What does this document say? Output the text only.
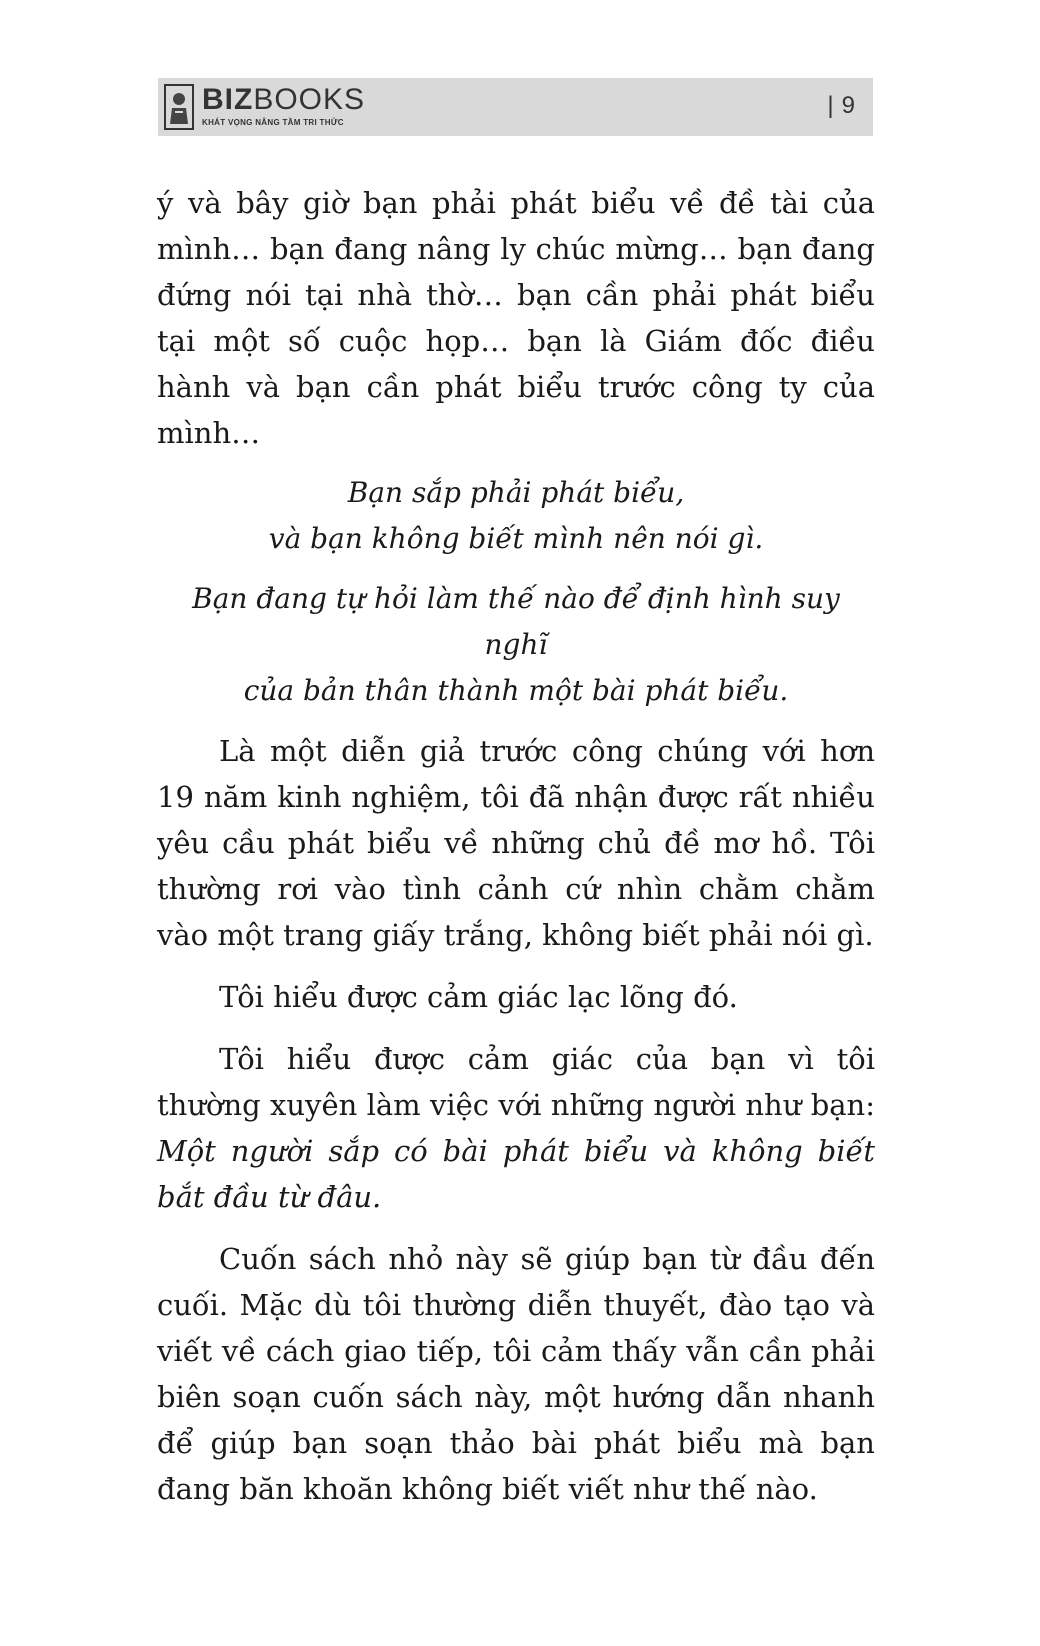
BIZBOOKS
KHÁT VỌNG NÂNG TẦM TRI THỨC
| 9

ý và bây giờ bạn phải phát biểu về đề tài của mình… bạn đang nâng ly chúc mừng… bạn đang đứng nói tại nhà thờ… bạn cần phải phát biểu tại một số cuộc họp… bạn là Giám đốc điều hành và bạn cần phát biểu trước công ty của mình…

Bạn sắp phải phát biểu,
và bạn không biết mình nên nói gì.

Bạn đang tự hỏi làm thế nào để định hình suy nghĩ
của bản thân thành một bài phát biểu.

Là một diễn giả trước công chúng với hơn 19 năm kinh nghiệm, tôi đã nhận được rất nhiều yêu cầu phát biểu về những chủ đề mơ hồ. Tôi thường rơi vào tình cảnh cứ nhìn chằm chằm vào một trang giấy trắng, không biết phải nói gì.

Tôi hiểu được cảm giác lạc lõng đó.

Tôi hiểu được cảm giác của bạn vì tôi thường xuyên làm việc với những người như bạn: Một người sắp có bài phát biểu và không biết bắt đầu từ đâu.

Cuốn sách nhỏ này sẽ giúp bạn từ đầu đến cuối. Mặc dù tôi thường diễn thuyết, đào tạo và viết về cách giao tiếp, tôi cảm thấy vẫn cần phải biên soạn cuốn sách này, một hướng dẫn nhanh để giúp bạn soạn thảo bài phát biểu mà bạn đang băn khoăn không biết viết như thế nào.
